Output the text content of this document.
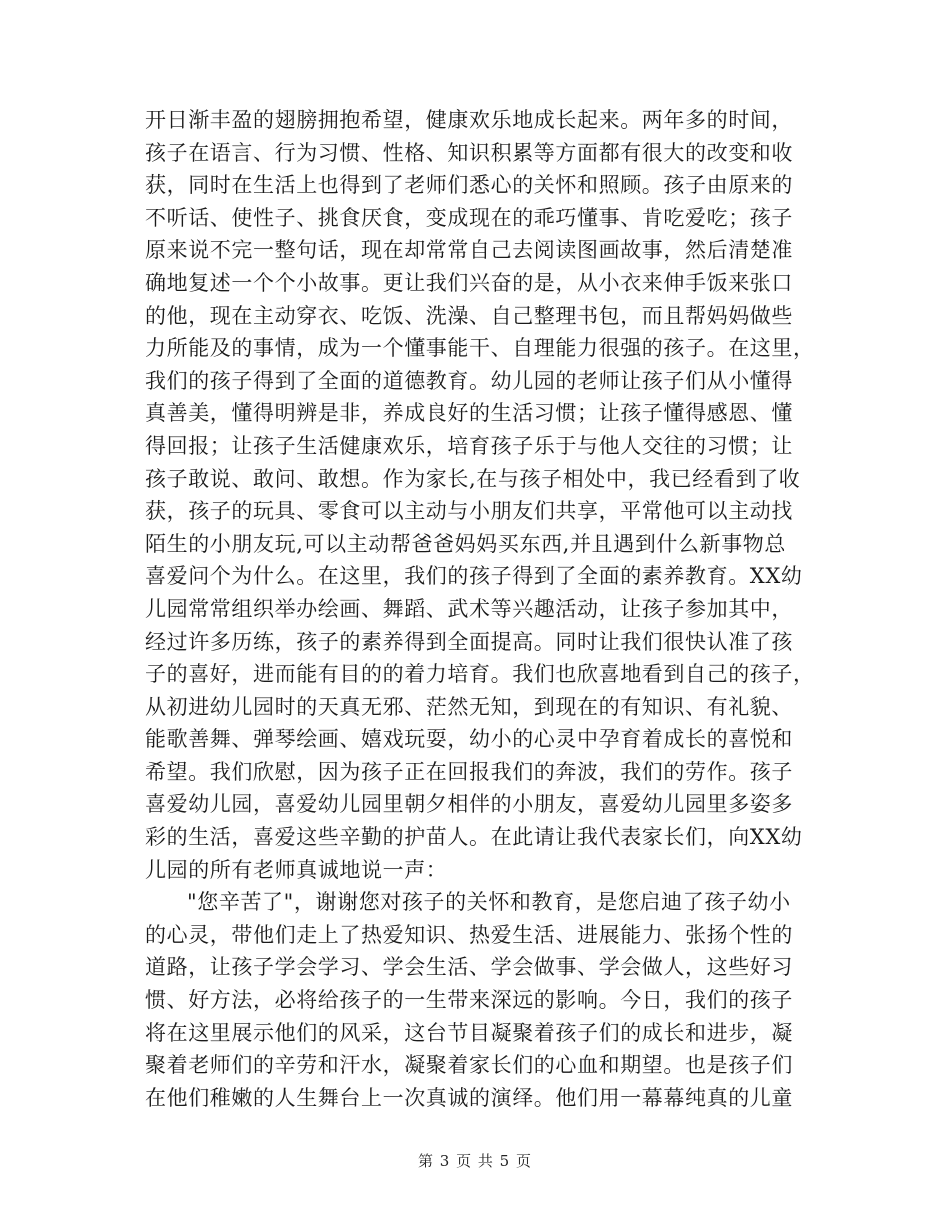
开日渐丰盈的翅膀拥抱希望，健康欢乐地成长起来。两年多的时间，
孩子在语言、行为习惯、性格、知识积累等方面都有很大的改变和收
获，同时在生活上也得到了老师们悉心的关怀和照顾。孩子由原来的
不听话、使性子、挑食厌食，变成现在的乖巧懂事、肯吃爱吃；孩子
原来说不完一整句话，现在却常常自己去阅读图画故事，然后清楚准
确地复述一个个小故事。更让我们兴奋的是，从小衣来伸手饭来张口
的他，现在主动穿衣、吃饭、洗澡、自己整理书包，而且帮妈妈做些
力所能及的事情，成为一个懂事能干、自理能力很强的孩子。在这里，
我们的孩子得到了全面的道德教育。幼儿园的老师让孩子们从小懂得
真善美，懂得明辨是非，养成良好的生活习惯；让孩子懂得感恩、懂
得回报；让孩子生活健康欢乐，培育孩子乐于与他人交往的习惯；让
孩子敢说、敢问、敢想。作为家长,在与孩子相处中，我已经看到了收
获，孩子的玩具、零食可以主动与小朋友们共享，平常他可以主动找
陌生的小朋友玩,可以主动帮爸爸妈妈买东西,并且遇到什么新事物总
喜爱问个为什么。在这里，我们的孩子得到了全面的素养教育。XX幼
儿园常常组织举办绘画、舞蹈、武术等兴趣活动，让孩子参加其中，
经过许多历练，孩子的素养得到全面提高。同时让我们很快认准了孩
子的喜好，进而能有目的的着力培育。我们也欣喜地看到自己的孩子，
从初进幼儿园时的天真无邪、茫然无知，到现在的有知识、有礼貌、
能歌善舞、弹琴绘画、嬉戏玩耍，幼小的心灵中孕育着成长的喜悦和
希望。我们欣慰，因为孩子正在回报我们的奔波，我们的劳作。孩子
喜爱幼儿园，喜爱幼儿园里朝夕相伴的小朋友，喜爱幼儿园里多姿多
彩的生活，喜爱这些辛勤的护苗人。在此请让我代表家长们，向XX幼
儿园的所有老师真诚地说一声：
"您辛苦了"，谢谢您对孩子的关怀和教育，是您启迪了孩子幼小
的心灵，带他们走上了热爱知识、热爱生活、进展能力、张扬个性的
道路，让孩子学会学习、学会生活、学会做事、学会做人，这些好习
惯、好方法，必将给孩子的一生带来深远的影响。今日，我们的孩子
将在这里展示他们的风采，这台节目凝聚着孩子们的成长和进步，凝
聚着老师们的辛劳和汗水，凝聚着家长们的心血和期望。也是孩子们
在他们稚嫩的人生舞台上一次真诚的演绎。他们用一幕幕纯真的儿童
第 3 页 共 5 页
